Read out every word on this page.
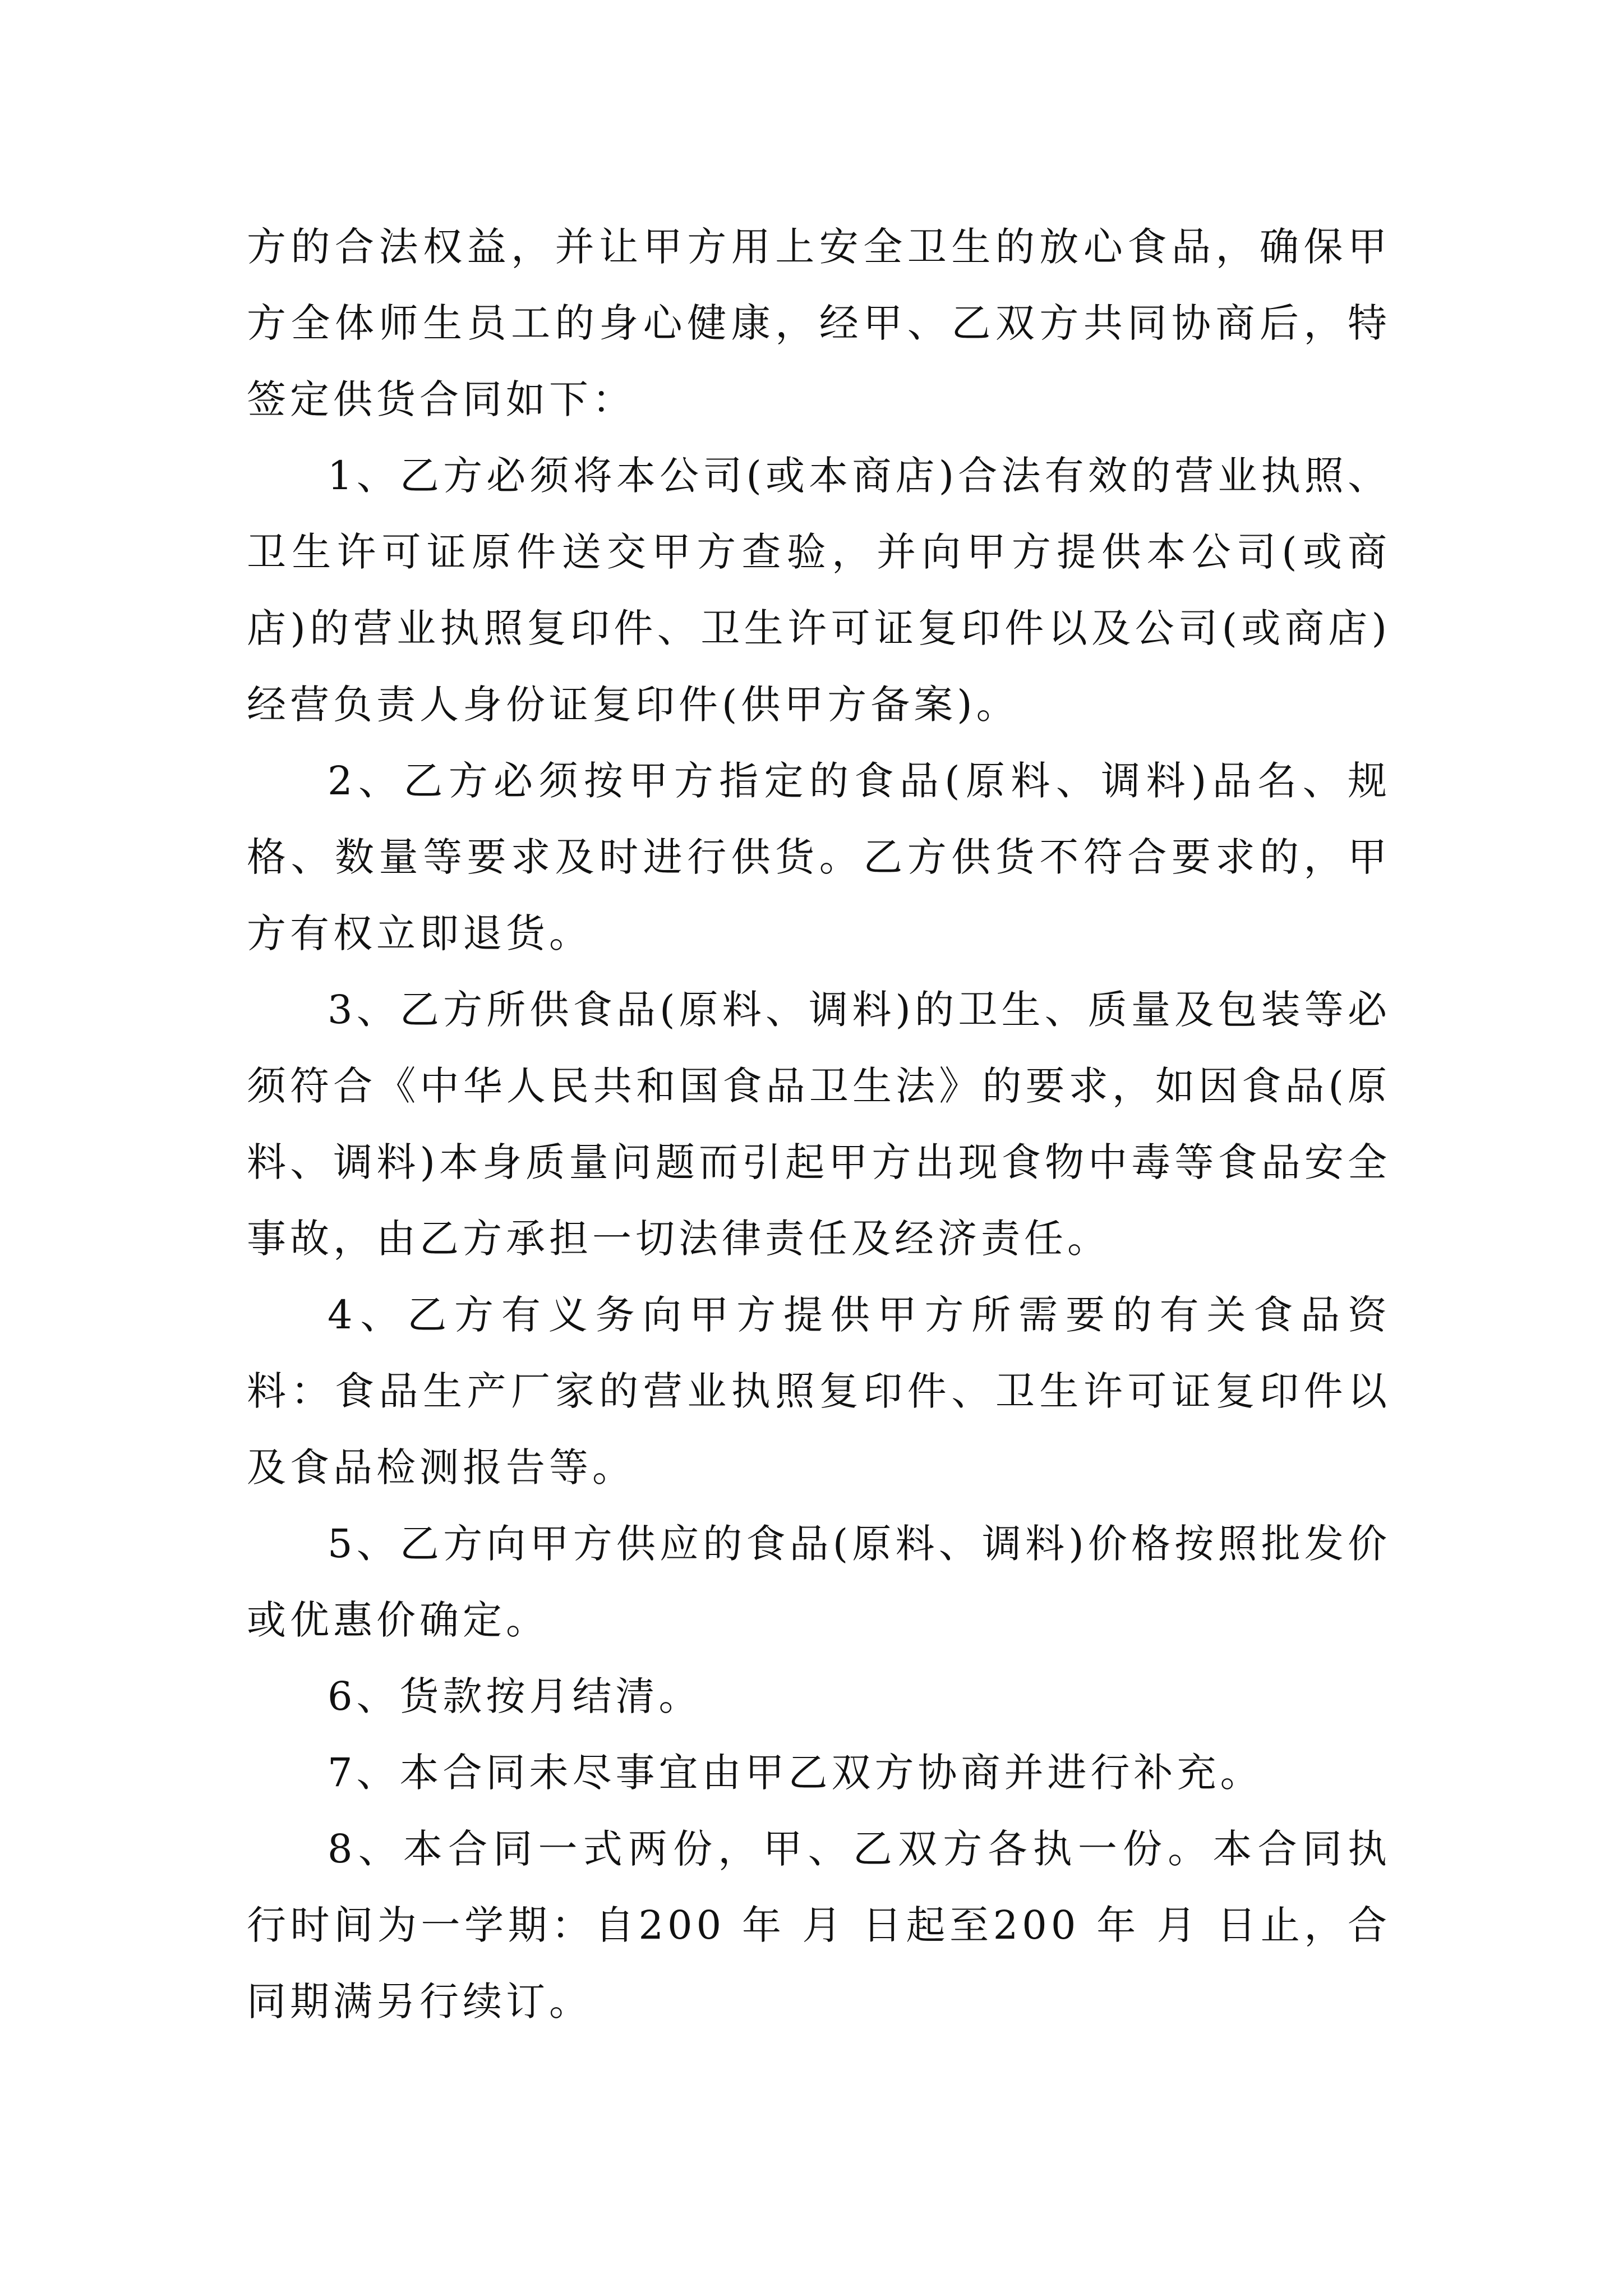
方的合法权益，并让甲方用上安全卫生的放心食品，确保甲方全体师生员工的身心健康，经甲、乙双方共同协商后，特签定供货合同如下：

1、乙方必须将本公司(或本商店)合法有效的营业执照、卫生许可证原件送交甲方查验，并向甲方提供本公司(或商店)的营业执照复印件、卫生许可证复印件以及公司(或商店)经营负责人身份证复印件(供甲方备案)。

2、乙方必须按甲方指定的食品(原料、调料)品名、规格、数量等要求及时进行供货。乙方供货不符合要求的，甲方有权立即退货。

3、乙方所供食品(原料、调料)的卫生、质量及包装等必须符合《中华人民共和国食品卫生法》的要求，如因食品(原料、调料)本身质量问题而引起甲方出现食物中毒等食品安全事故，由乙方承担一切法律责任及经济责任。

4、乙方有义务向甲方提供甲方所需要的有关食品资料：食品生产厂家的营业执照复印件、卫生许可证复印件以及食品检测报告等。

5、乙方向甲方供应的食品(原料、调料)价格按照批发价或优惠价确定。

6、货款按月结清。

7、本合同未尽事宜由甲乙双方协商并进行补充。

8、本合同一式两份，甲、乙双方各执一份。本合同执行时间为一学期：自200 年 月 日起至200 年 月 日止，合同期满另行续订。
